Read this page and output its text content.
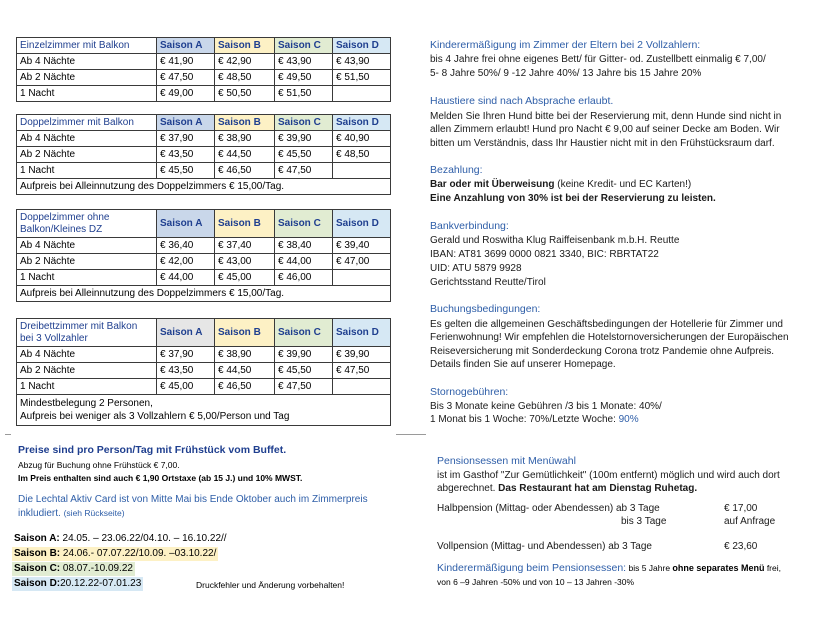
Einzelzimmer mit Balkon	Saison A	Saison B	Saison C	Saison D
Ab 4 Nächte	€ 41,90	€ 42,90	€ 43,90	€ 43,90
Ab 2 Nächte	€ 47,50	€ 48,50	€ 49,50	€ 51,50
1 Nacht	€ 49,00	€ 50,50	€ 51,50	
Doppelzimmer mit Balkon	Saison A	Saison B	Saison C	Saison D
Ab 4 Nächte	€ 37,90	€ 38,90	€ 39,90	€ 40,90
Ab 2 Nächte	€ 43,50	€ 44,50	€ 45,50	€ 48,50
1 Nacht	€ 45,50	€ 46,50	€ 47,50	
Aufpreis bei Alleinnutzung des Doppelzimmers € 15,00/Tag.				
Doppelzimmer ohne Balkon/Kleines DZ	Saison A	Saison B	Saison C	Saison D
Ab 4 Nächte	€ 36,40	€ 37,40	€ 38,40	€ 39,40
Ab 2 Nächte	€ 42,00	€ 43,00	€ 44,00	€ 47,00
1 Nacht	€ 44,00	€ 45,00	€ 46,00	
Aufpreis bei Alleinnutzung des Doppelzimmers € 15,00/Tag.				
Dreibettzimmer mit Balkon bei 3 Vollzahler	Saison A	Saison B	Saison C	Saison D
Ab 4 Nächte	€ 37,90	€ 38,90	€ 39,90	€ 39,90
Ab 2 Nächte	€ 43,50	€ 44,50	€ 45,50	€ 47,50
1 Nacht	€ 45,00	€ 46,50	€ 47,50	
Mindestbelegung 2 Personen,
Aufpreis bei weniger als 3 Vollzahlern € 5,00/Person und Tag				
Preise sind pro Person/Tag mit Frühstück vom Buffet.
Abzug für Buchung ohne Frühstück € 7,00.
Im Preis enthalten sind auch € 1,90 Ortstaxe (ab 15 J.) und 10% MWST.
Die Lechtal Aktiv Card ist von Mitte Mai bis Ende Oktober auch im Zimmerpreis
inkludiert. (sieh Rückseite)
Saison A: 24.05. – 23.06.22/04.10. – 16.10.22//
Saison B: 24.06.- 07.07.22/10.09. –03.10.22/
Saison C: 08.07.-10.09.22
Saison D:20.12.22-07.01.23	Druckfehler und Änderung vorbehalten!
Kinderermäßigung im Zimmer der Eltern bei 2 Vollzahlern:
bis 4 Jahre frei ohne eigenes Bett/ für Gitter- od. Zustellbett einmalig € 7,00/
5- 8 Jahre 50%/ 9 -12 Jahre 40%/ 13 Jahre bis 15 Jahre 20%
Haustiere sind nach Absprache erlaubt.
Melden Sie Ihren Hund bitte bei der Reservierung mit, denn Hunde sind nicht in
allen Zimmern erlaubt! Hund pro Nacht € 9,00 auf seiner Decke am Boden. Wir
bitten um Verständnis, dass Ihr Haustier nicht mit in den Frühstücksraum darf.
Bezahlung:
Bar oder mit Überweisung (keine Kredit- und EC Karten!)
Eine Anzahlung von 30% ist bei der Reservierung zu leisten.
Bankverbindung:
Gerald und Roswitha Klug Raiffeisenbank m.b.H. Reutte
IBAN: AT81 3699 0000 0821 3340, BIC: RBRTAT22
UID: ATU 5879 9928
Gerichtsstand Reutte/Tirol
Buchungsbedingungen:
Es gelten die allgemeinen Geschäftsbedingungen der Hotellerie für Zimmer und
Ferienwohnung! Wir empfehlen die Hotelstornoversicherungen der Europäischen
Reiseversicherung mit Sonderdeckung Corona trotz Pandemie ohne Aufpreis.
Details finden Sie auf unserer Homepage.
Stornogebühren:
Bis 3 Monate keine Gebühren /3 bis 1 Monate: 40%/
1 Monat bis 1 Woche: 70%/Letzte Woche: 90%
Pensionsessen mit Menüwahl
ist im Gasthof "Zur Gemütlichkeit" (100m entfernt) möglich und wird auch dort
abgerechnet. Das Restaurant hat am Dienstag Ruhetag.
Halbpension (Mittag- oder Abendessen) ab 3 Tage	€ 17,00
bis 3 Tage	auf Anfrage
Vollpension (Mittag- und Abendessen) ab 3 Tage	€ 23,60
Kinderermäßigung beim Pensionsessen: bis 5 Jahre ohne separates Menü frei,
von 6 –9 Jahren -50% und von 10 – 13 Jahren -30%
